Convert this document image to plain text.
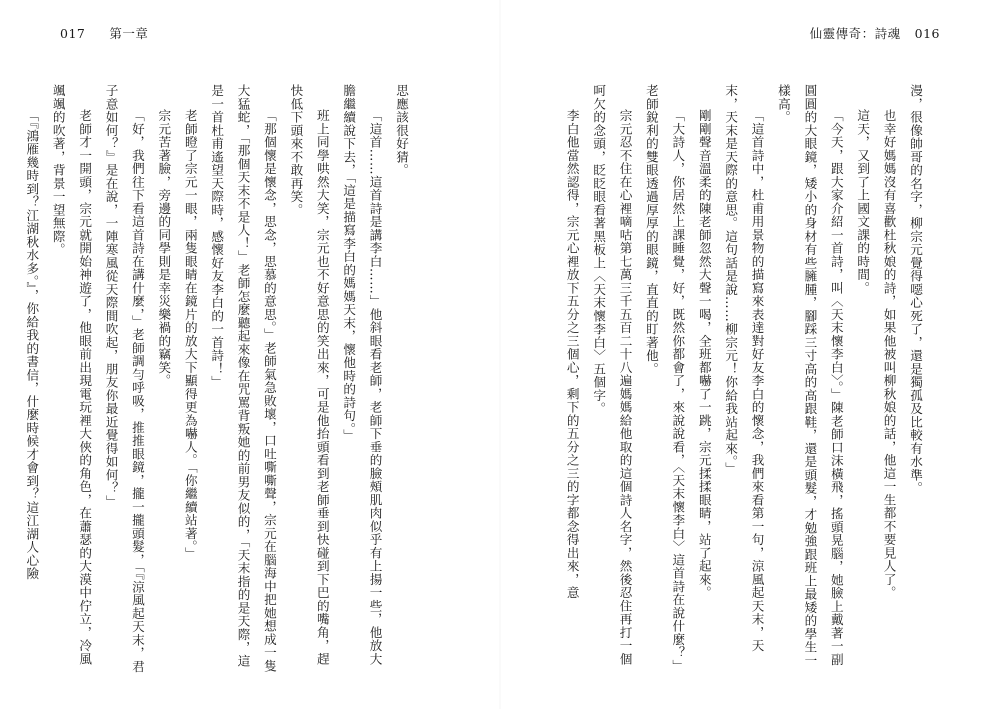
017 第一章	仙靈傳奇：詩魂 016

漫，很像帥哥的名字，柳宗元覺得噁心死了，還是獨孤及比較有水準。

也幸好媽媽沒有喜歡杜秋娘的詩，如果他被叫柳秋娘的話，他這一生都不要見人了。

這天，又到了上國文課的時間。

「今天，跟大家介紹一首詩，叫〈天末懷李白〉。」陳老師口沫橫飛，搖頭晃腦，她臉上戴著一副圓圓的大眼鏡，矮小的身材有些臃腫，腳踩三寸高的高跟鞋，還是頭髮，才勉強跟班上最矮的學生一樣高。

「這首詩中，杜甫用景物的描寫來表達對好友李白的懷念，我們來看第一句，涼風起天末，天末，天末是天際的意思。這句話是說……柳宗元！你給我站起來。」

剛剛聲音溫柔的陳老師忽然大聲一喝，全班都嚇了一跳，宗元揉揉眼睛，站了起來。

「大詩人，你居然上課睡覺，好，既然你都會了，來說說看，〈天末懷李白〉這首詩在說什麼？」老師銳利的雙眼透過厚厚的眼鏡，直直的盯著他。

宗元忍不住在心裡嘀咕第七萬三千五百二十八遍媽媽給他取的這個詩人名字，然後忍住再打一個呵欠的念頭，眨眨眼看著黑板上〈天末懷李白〉五個字。

李白他當然認得，宗元心裡放下五分之三個心，剩下的五分之三的字都念得出來，意

思應該很好猜。

「這首……這首詩是講李白……」他斜眼看老師，老師下垂的臉頰肌肉似乎有上揚一些，他放大膽繼續說下去，「這是描寫李白的媽媽天末，懷他時的詩句。」

班上同學哄然大笑，宗元也不好意思的笑出來，可是他抬頭看到老師垂到快碰到下巴的嘴角，趕快低下頭來不敢再笑。

「那個懷是懷念，思念，思慕的意思。」老師氣急敗壞，口吐嘶嘶聲，宗元在腦海中把她想成一隻大猛蛇，「那個天末不是人！」老師怎麼聽起來像在咒罵背叛她的前男友似的，「天末指的是天際，這是一首杜甫遙望天際時，感懷好友李白的一首詩！」

老師瞪了宗元一眼，兩隻眼睛在鏡片的放大下顯得更為嚇人。「你繼續站著。」

宗元苦著臉，旁邊的同學則是幸災樂禍的竊笑。

「好，我們往下看這首詩在講什麼，」老師調勻呼吸，推推眼鏡，攏一攏頭髮，「『涼風起天末，君子意如何？』是在說，一陣寒風從天際間吹起，朋友你最近覺得如何？」

老師才一開頭，宗元就開始神遊了，他眼前出現電玩裡大俠的角色，在蕭瑟的大漠中佇立，冷風颯颯的吹著，背景一望無際。

「『鴻雁幾時到？江湖秋水多。』，你給我的書信，什麼時候才會到？這江湖人心險
